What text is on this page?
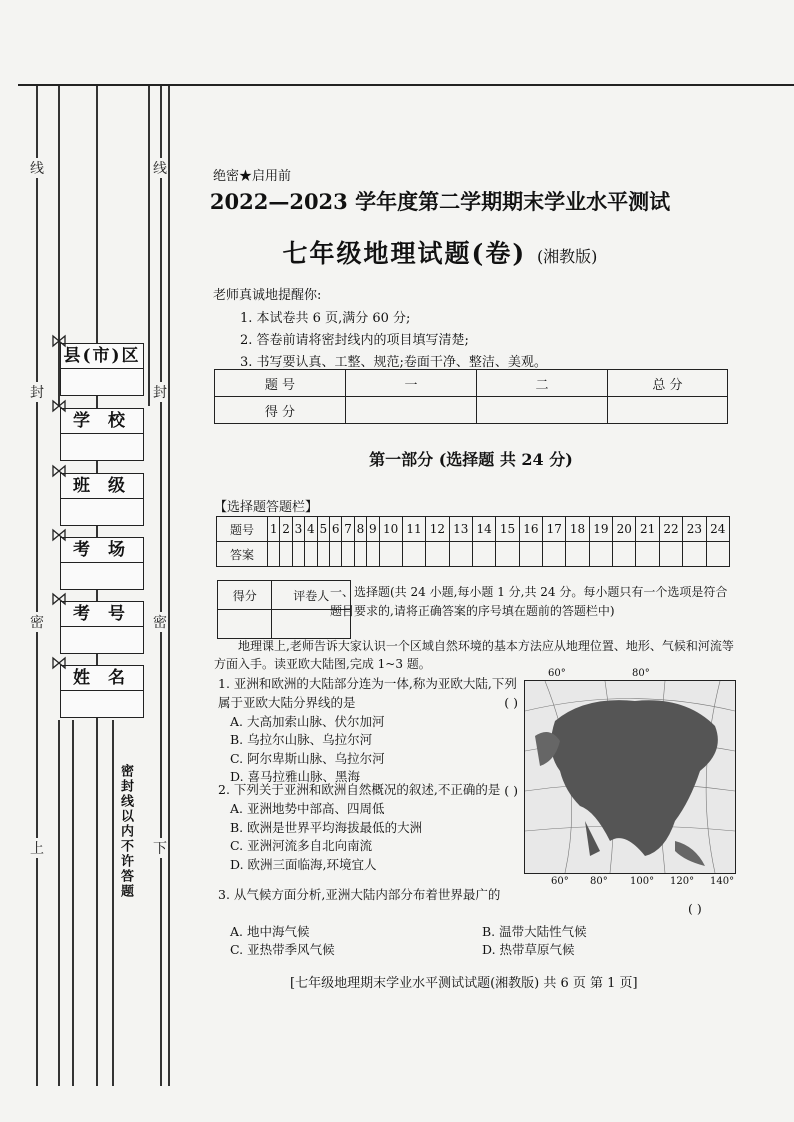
线	线
封	封
密	密
上	下
县(市)区
学 校
班 级
考 场
考 号
姓 名
密封线以内不许答题
绝密★启用前
2022—2023 学年度第二学期期末学业水平测试
七年级地理试题(卷) (湘教版)
老师真诚地提醒你:
1. 本试卷共 6 页,满分 60 分;
2. 答卷前请将密封线内的项目填写清楚;
3. 书写要认真、工整、规范;卷面干净、整洁、美观。
题 号	一	二	总 分
得 分			
第一部分 (选择题 共 24 分)
【选择题答题栏】
题号	1	2	3	4	5	6	7	8	9	10	11	12	13	14	15	16	17	18	19	20	21	22	23	24
答案																								
得分	评卷人
	一、选择题(共 24 小题,每小题 1 分,共 24 分。每小题只有一个选项是符合题目要求的,请将正确答案的序号填在题前的答题栏中)
地理课上,老师告诉大家认识一个区域自然环境的基本方法应从地理位置、地形、气候和河流等方面入手。读亚欧大陆图,完成 1~3 题。
1. 亚洲和欧洲的大陆部分连为一体,称为亚欧大陆,下列属于亚欧大陆分界线的是	( )
A. 大高加索山脉、伏尔加河
B. 乌拉尔山脉、乌拉尔河
C. 阿尔卑斯山脉、乌拉尔河
D. 喜马拉雅山脉、黑海
2. 下列关于亚洲和欧洲自然概况的叙述,不正确的是 ( )
A. 亚洲地势中部高、四周低
B. 欧洲是世界平均海拔最低的大洲
C. 亚洲河流多自北向南流
D. 欧洲三面临海,环境宜人
3. 从气候方面分析,亚洲大陆内部分布着世界最广的
( )
A. 地中海气候	B. 温带大陆性气候
C. 亚热带季风气候	D. 热带草原气候
60°	80°
60° 80° 100° 120° 140°
[七年级地理期末学业水平测试试题(湘教版) 共 6 页 第 1 页]
